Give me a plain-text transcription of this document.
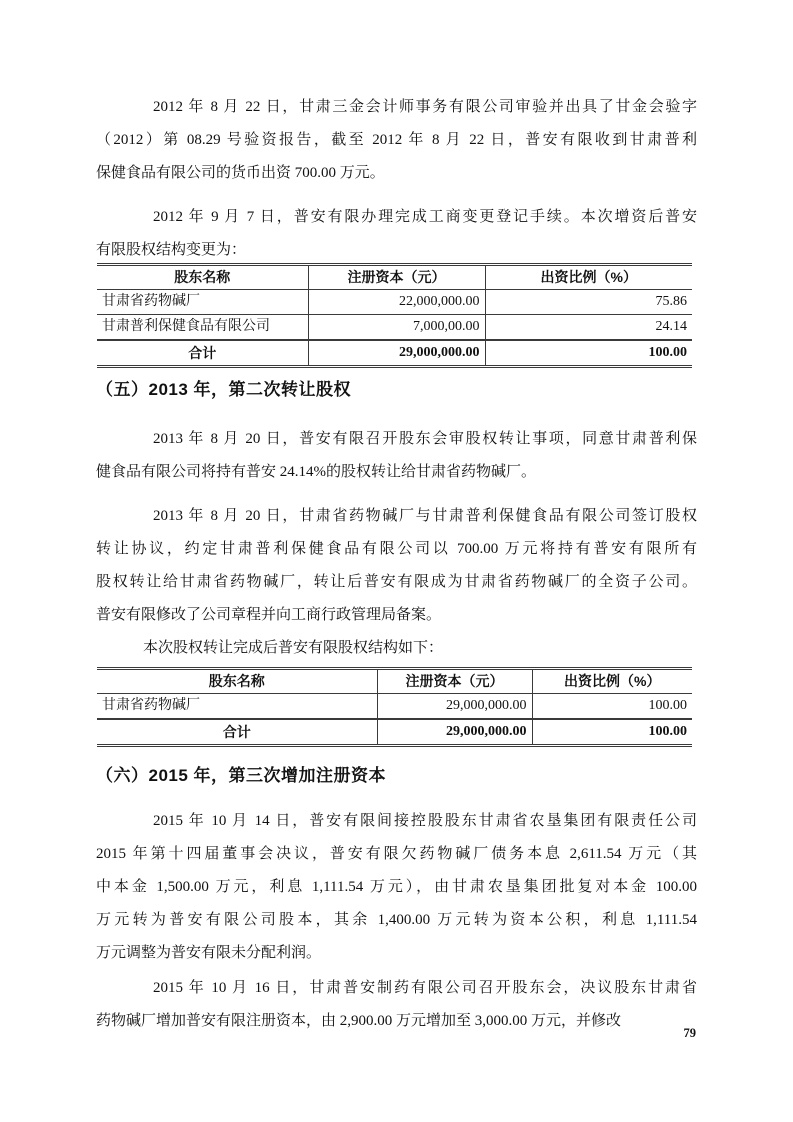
2012 年 8 月 22 日，甘肃三金会计师事务有限公司审验并出具了甘金会验字
（2012）第 08.29 号验资报告，截至 2012 年 8 月 22 日，普安有限收到甘肃普利
保健食品有限公司的货币出资 700.00 万元。
2012 年 9 月 7 日，普安有限办理完成工商变更登记手续。本次增资后普安
有限股权结构变更为：
股东名称	注册资本（元）	出资比例（%）
甘肃省药物碱厂	22,000,000.00	75.86
甘肃普利保健食品有限公司	7,000,00.00	24.14
合计	29,000,000.00	100.00
（五）2013 年，第二次转让股权
2013 年 8 月 20 日，普安有限召开股东会审股权转让事项，同意甘肃普利保
健食品有限公司将持有普安 24.14%的股权转让给甘肃省药物碱厂。
2013 年 8 月 20 日，甘肃省药物碱厂与甘肃普利保健食品有限公司签订股权
转让协议，约定甘肃普利保健食品有限公司以 700.00 万元将持有普安有限所有
股权转让给甘肃省药物碱厂，转让后普安有限成为甘肃省药物碱厂的全资子公司。
普安有限修改了公司章程并向工商行政管理局备案。
本次股权转让完成后普安有限股权结构如下：
股东名称	注册资本（元）	出资比例（%）
甘肃省药物碱厂	29,000,000.00	100.00
合计	29,000,000.00	100.00
（六）2015 年，第三次增加注册资本
2015 年 10 月 14 日，普安有限间接控股股东甘肃省农垦集团有限责任公司
2015 年第十四届董事会决议，普安有限欠药物碱厂债务本息 2,611.54 万元（其
中本金 1,500.00 万元，利息 1,111.54 万元），由甘肃农垦集团批复对本金 100.00
万元转为普安有限公司股本，其余 1,400.00 万元转为资本公积，利息 1,111.54
万元调整为普安有限未分配利润。
2015 年 10 月 16 日，甘肃普安制药有限公司召开股东会，决议股东甘肃省
药物碱厂增加普安有限注册资本，由 2,900.00 万元增加至 3,000.00 万元，并修改
79
